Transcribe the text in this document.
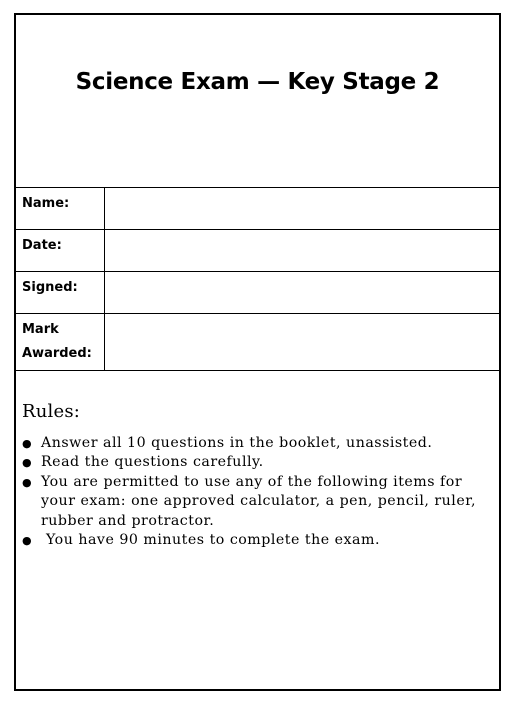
Science Exam — Key Stage 2
Name:	
Date:	
Signed:	
Mark Awarded:	
Rules:
● Answer all 10 questions in the booklet, unassisted.
● Read the questions carefully.
● You are permitted to use any of the following items for your exam: one approved calculator, a pen, pencil, ruler, rubber and protractor.
● You have 90 minutes to complete the exam.
